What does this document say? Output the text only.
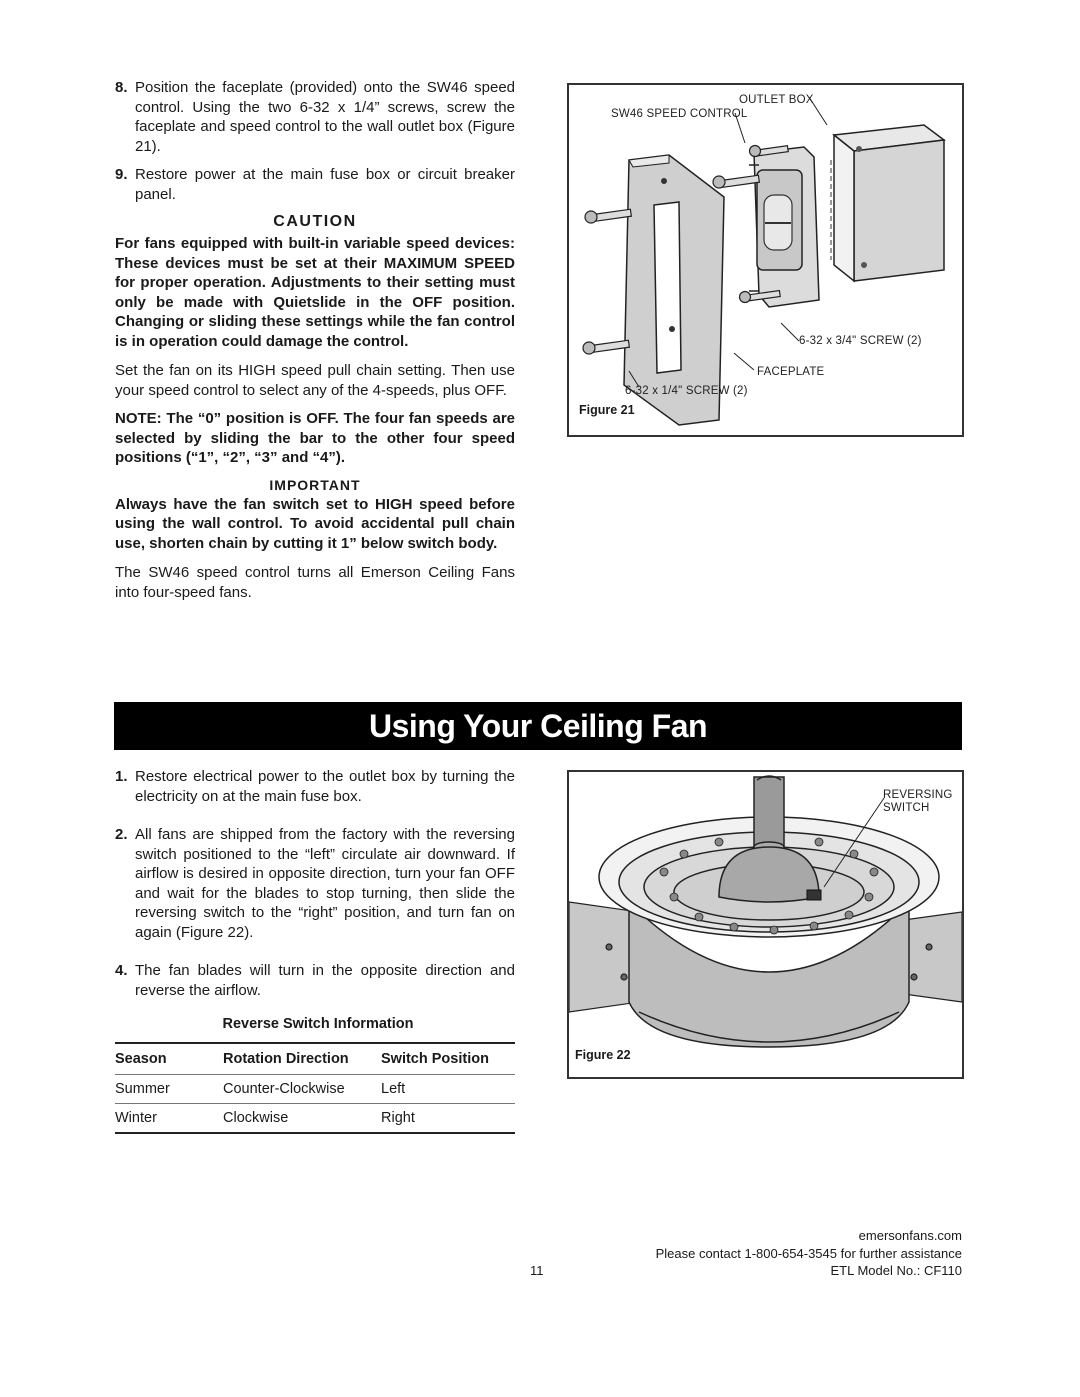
8. Position the faceplate (provided) onto the SW46 speed control. Using the two 6-32 x 1/4” screws, screw the faceplate and speed control to the wall outlet box (Figure 21).
9. Restore power at the main fuse box or circuit breaker panel.
CAUTION
For fans equipped with built-in variable speed devices: These devices must be set at their MAXIMUM SPEED for proper operation. Adjustments to their setting must only be made with Quietslide in the OFF position. Changing or sliding these settings while the fan control is in operation could damage the control.
Set the fan on its HIGH speed pull chain setting. Then use your speed control to select any of the 4-speeds, plus OFF.
NOTE: The “0” position is OFF. The four fan speeds are selected by sliding the bar to the other four speed positions (“1”, “2”, “3” and “4”).
IMPORTANT
Always have the fan switch set to HIGH speed before using the wall control. To avoid accidental pull chain use, shorten chain by cutting it 1” below switch body.
The SW46 speed control turns all Emerson Ceiling Fans into four-speed fans.
OUTLET BOX
SW46 SPEED CONTROL
6-32 x 3/4" SCREW (2)
FACEPLATE
6-32 x 1/4" SCREW (2)
Figure 21
Using Your Ceiling Fan
1. Restore electrical power to the outlet box by turning the electricity on at the main fuse box.
2. All fans are shipped from the factory with the reversing switch positioned to the “left” circulate air downward. If airflow is desired in opposite direction, turn your fan OFF and wait for the blades to stop turning, then slide the reversing switch to the “right” position, and turn fan on again (Figure 22).
4. The fan blades will turn in the opposite direction and reverse the airflow.
Reverse Switch Information		
Season	Rotation Direction	Switch Position
Summer	Counter-Clockwise	Left
Winter	Clockwise	Right
REVERSING
SWITCH
Figure 22
emersonfans.com
Please contact 1-800-654-3545 for further assistance
11	ETL Model No.: CF110
